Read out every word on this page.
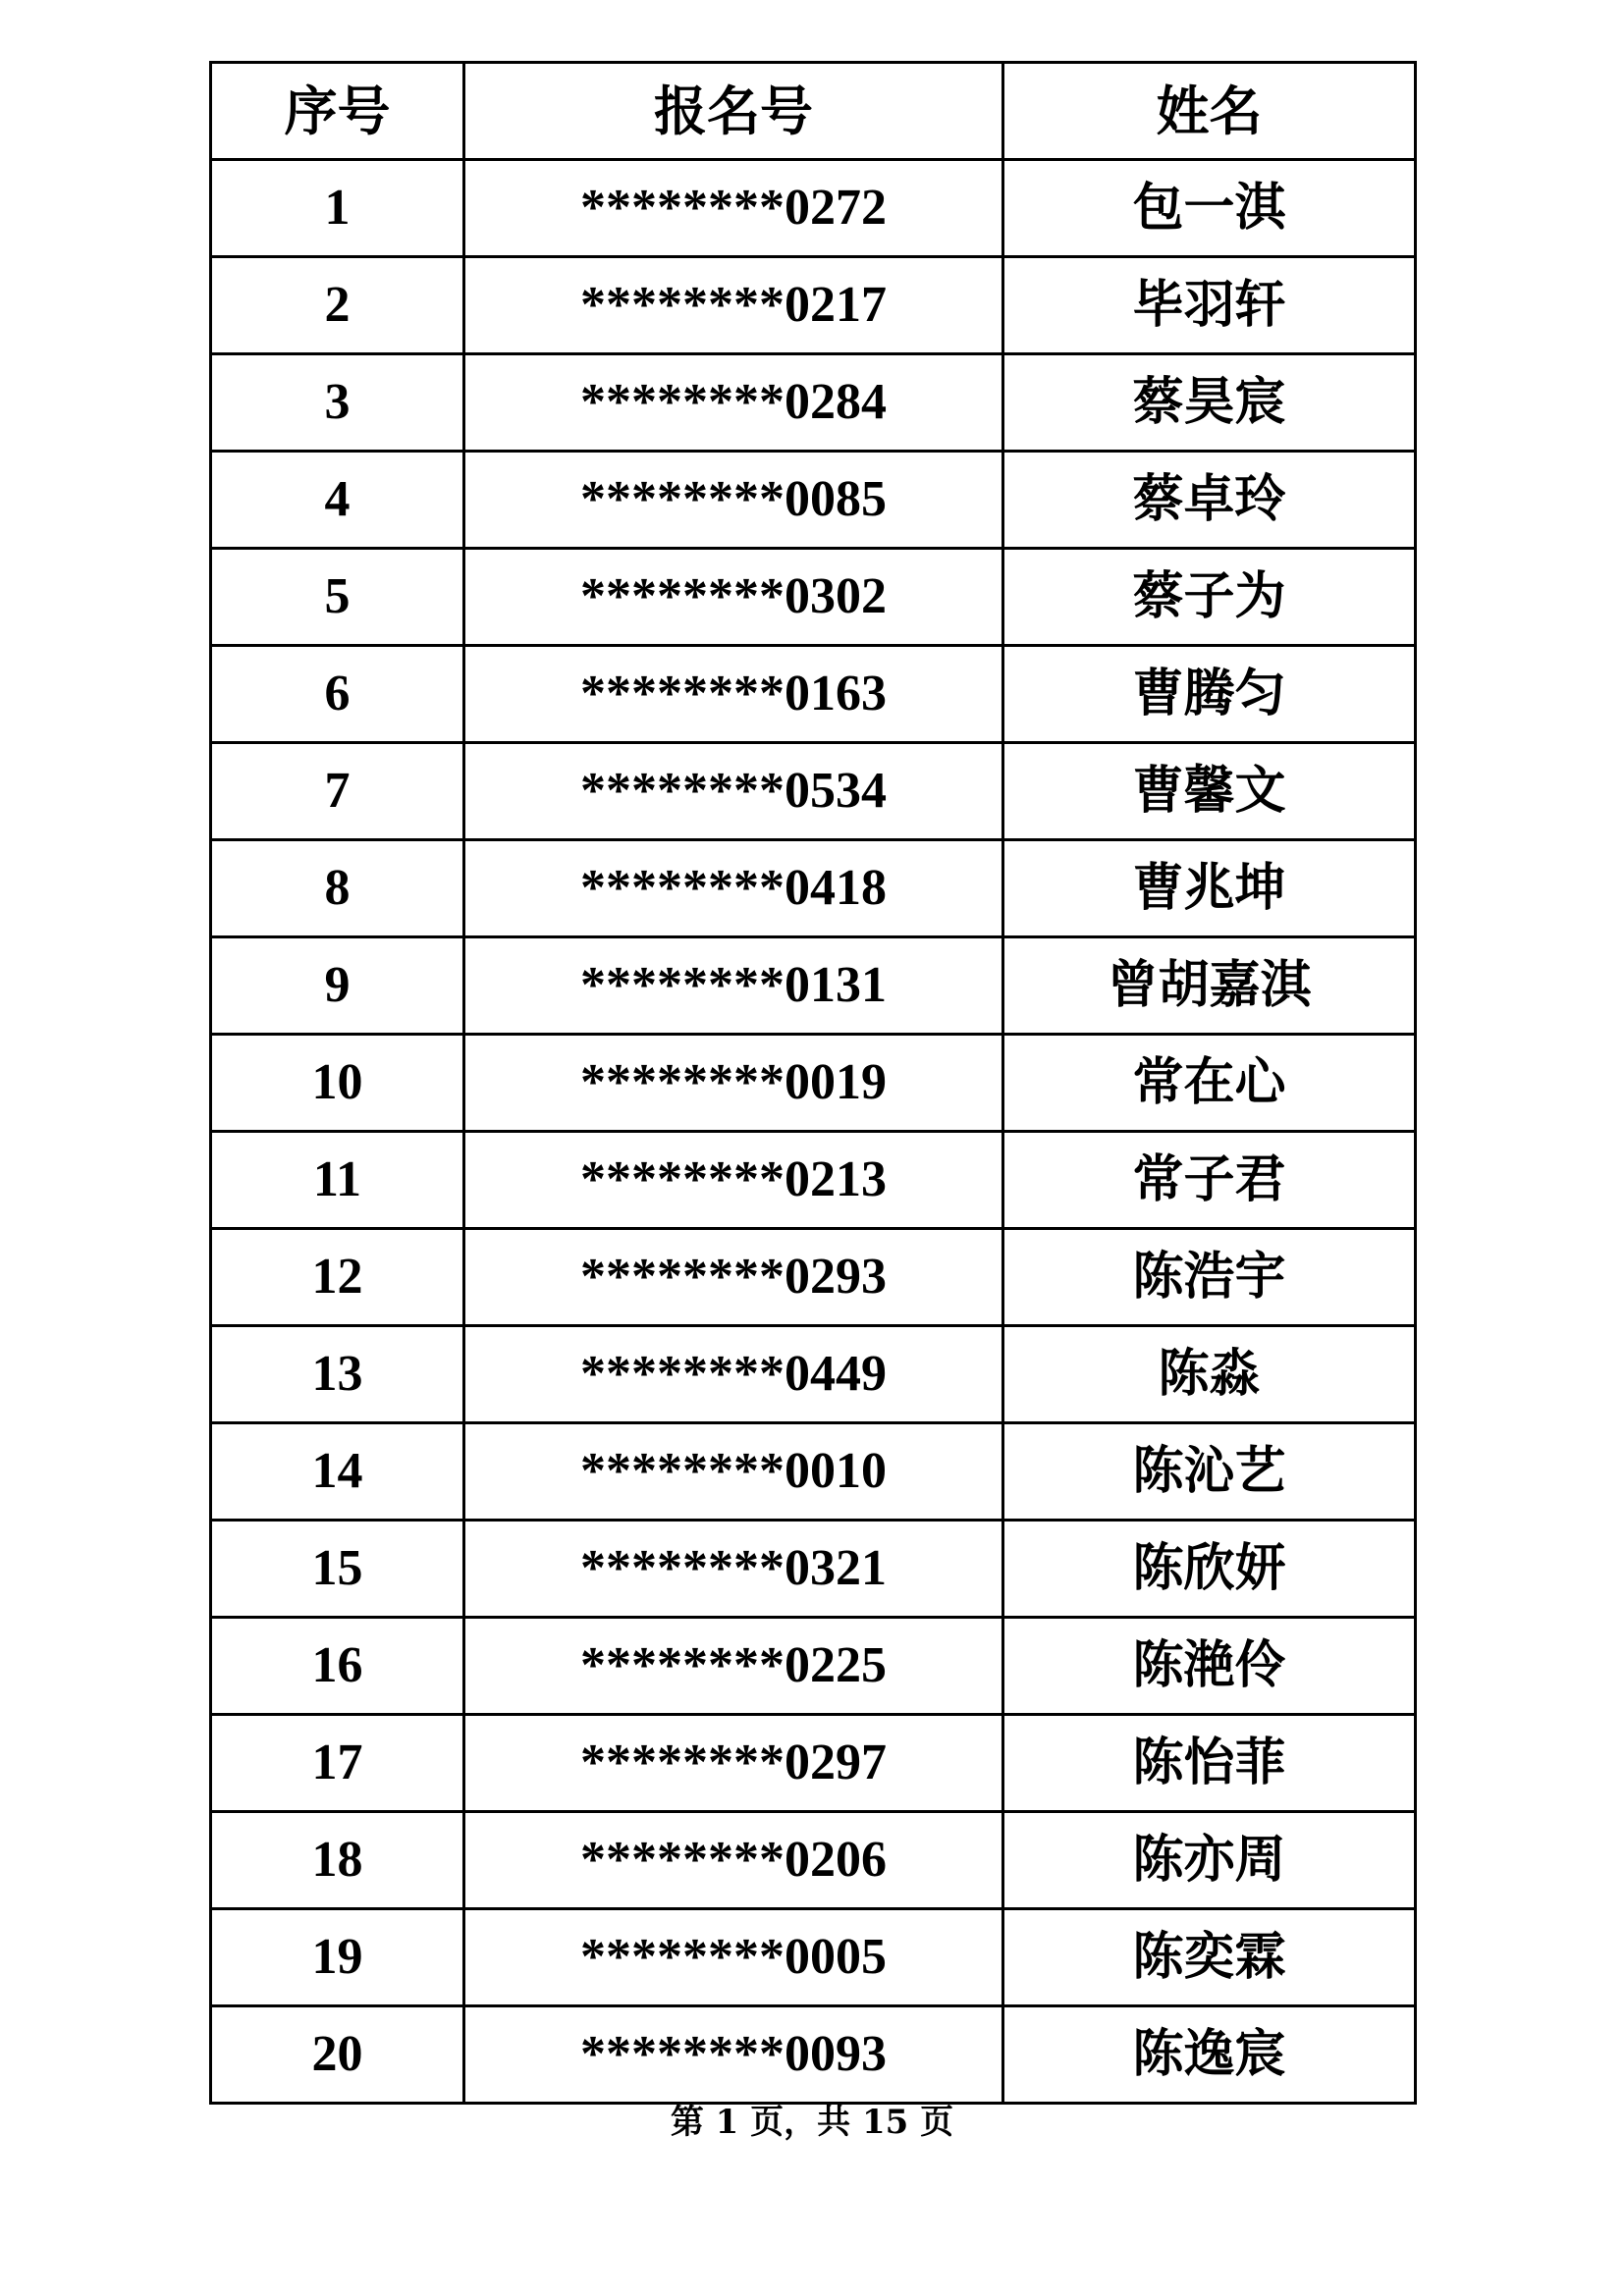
序号	报名号	姓名
1	********0272	包一淇
2	********0217	毕羽轩
3	********0284	蔡昊宸
4	********0085	蔡卓玲
5	********0302	蔡子为
6	********0163	曹腾匀
7	********0534	曹馨文
8	********0418	曹兆坤
9	********0131	曾胡嘉淇
10	********0019	常在心
11	********0213	常子君
12	********0293	陈浩宇
13	********0449	陈淼
14	********0010	陈沁艺
15	********0321	陈欣妍
16	********0225	陈滟伶
17	********0297	陈怡菲
18	********0206	陈亦周
19	********0005	陈奕霖
20	********0093	陈逸宸
第 1 页，共 15 页
